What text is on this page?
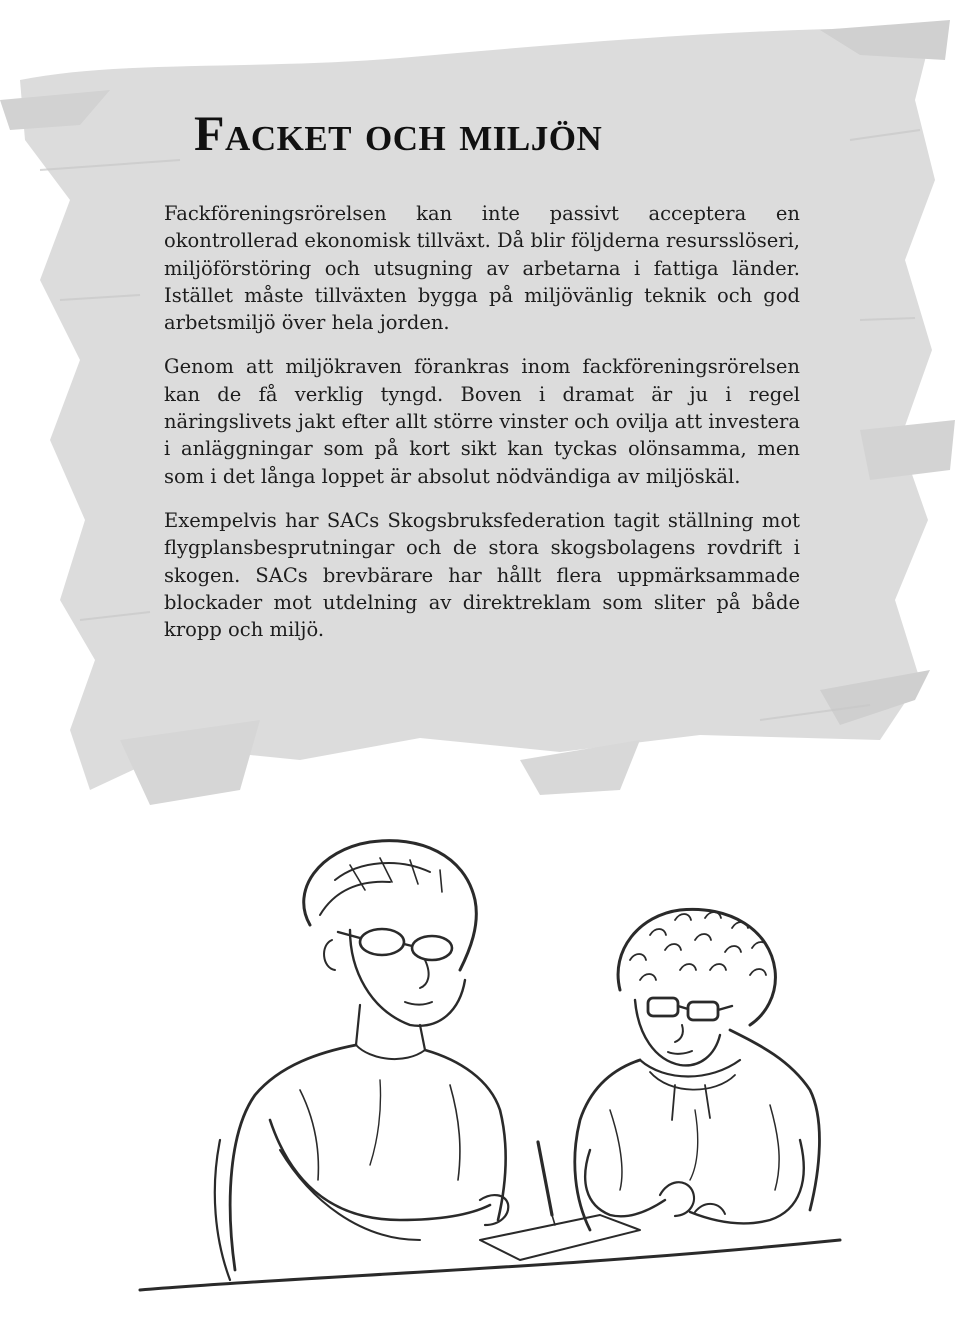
Facket och miljön

Fackföreningsrörelsen kan inte passivt acceptera en okontrollerad ekonomisk tillväxt. Då blir följderna resursslöseri, miljöförstöring och utsugning av arbetarna i fattiga länder. Istället måste tillväxten bygga på miljövänlig teknik och god arbetsmiljö över hela jorden.

Genom att miljökraven förankras inom fackföreningsrörelsen kan de få verklig tyngd. Boven i dramat är ju i regel näringslivets jakt efter allt större vinster och ovilja att investera i anläggningar som på kort sikt kan tyckas olönsamma, men som i det långa loppet är absolut nödvändiga av miljöskäl.

Exempelvis har SACs Skogsbruksfederation tagit ställning mot flygplansbesprutningar och de stora skogsbolagens rovdrift i skogen. SACs brevbärare har hållt flera uppmärksammade blockader mot utdelning av direktreklam som sliter på både kropp och miljö.
